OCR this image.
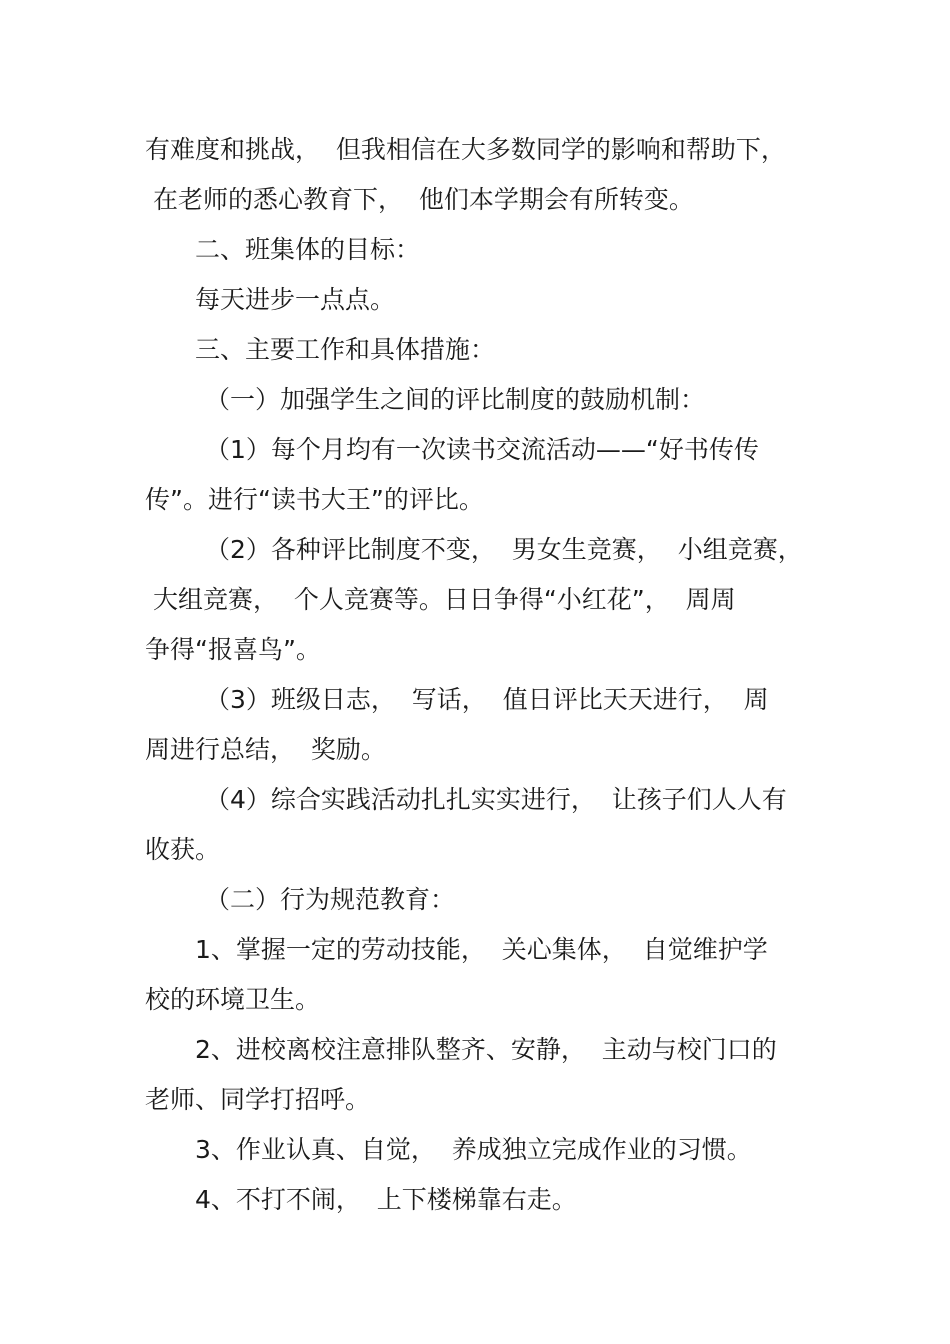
有难度和挑战，  但我相信在大多数同学的影响和帮助下，
在老师的悉心教育下，  他们本学期会有所转变。
二、班集体的目标：
每天进步一点点。
三、主要工作和具体措施：
（一）加强学生之间的评比制度的鼓励机制：
（1）每个月均有一次读书交流活动——“好书传传
传”。进行“读书大王”的评比。
（2）各种评比制度不变，  男女生竞赛，  小组竞赛，
大组竞赛，  个人竞赛等。日日争得“小红花”，  周周
争得“报喜鸟”。
（3）班级日志，  写话，  值日评比天天进行，  周
周进行总结，  奖励。
（4）综合实践活动扎扎实实进行，  让孩子们人人有
收获。
（二）行为规范教育：
1、掌握一定的劳动技能，  关心集体，  自觉维护学
校的环境卫生。
2、进校离校注意排队整齐、安静，  主动与校门口的
老师、同学打招呼。
3、作业认真、自觉，  养成独立完成作业的习惯。
4、不打不闹，  上下楼梯靠右走。
